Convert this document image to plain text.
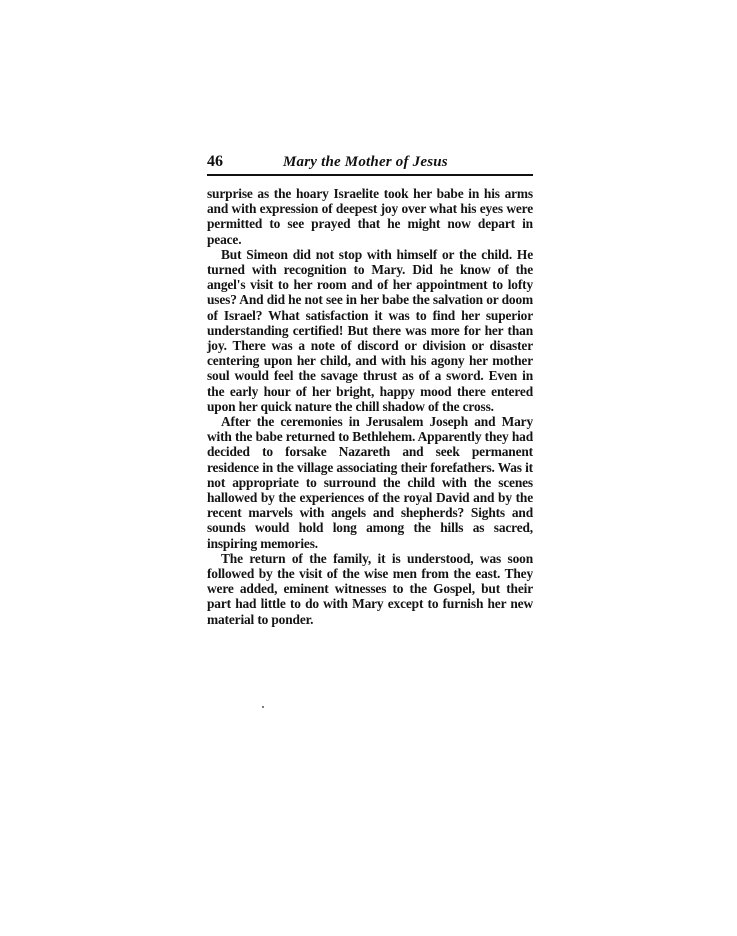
46	Mary the Mother of Jesus

surprise as the hoary Israelite took her babe in his arms and with expression of deepest joy over what his eyes were permitted to see prayed that he might now depart in peace.

But Simeon did not stop with himself or the child. He turned with recognition to Mary. Did he know of the angel's visit to her room and of her appointment to lofty uses? And did he not see in her babe the salvation or doom of Israel? What satisfaction it was to find her superior understanding certified! But there was more for her than joy. There was a note of discord or division or disaster centering upon her child, and with his agony her mother soul would feel the savage thrust as of a sword. Even in the early hour of her bright, happy mood there entered upon her quick nature the chill shadow of the cross.

After the ceremonies in Jerusalem Joseph and Mary with the babe returned to Bethlehem. Apparently they had decided to forsake Nazareth and seek permanent residence in the village associating their forefathers. Was it not appropriate to surround the child with the scenes hallowed by the experiences of the royal David and by the recent marvels with angels and shepherds? Sights and sounds would hold long among the hills as sacred, inspiring memories.

The return of the family, it is understood, was soon followed by the visit of the wise men from the east. They were added, eminent witnesses to the Gospel, but their part had little to do with Mary except to furnish her new material to ponder.
